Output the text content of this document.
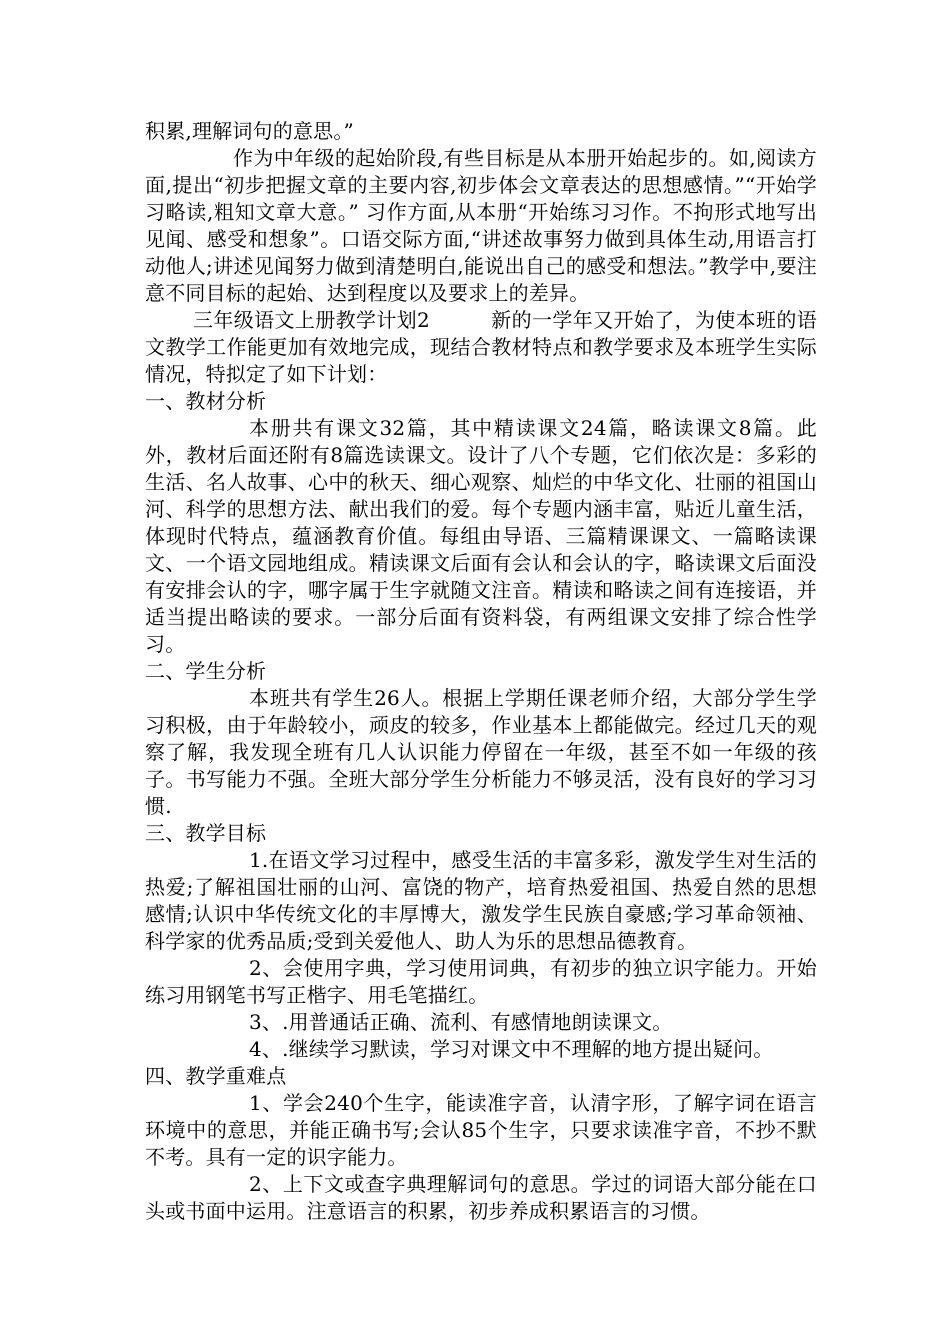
积累,理解词句的意思。”

作为中年级的起始阶段,有些目标是从本册开始起步的。如,阅读方面,提出“初步把握文章的主要内容,初步体会文章表达的思想感情。”“开始学习略读,粗知文章大意。” 习作方面,从本册“开始练习习作。不拘形式地写出见闻、感受和想象”。口语交际方面,“讲述故事努力做到具体生动,用语言打动他人;讲述见闻努力做到清楚明白,能说出自己的感受和想法。”教学中,要注意不同目标的起始、达到程度以及要求上的差异。

三年级语文上册教学计划2　　　新的一学年又开始了，为使本班的语文教学工作能更加有效地完成，现结合教材特点和教学要求及本班学生实际情况，特拟定了如下计划：

一、教材分析

本册共有课文32篇，其中精读课文24篇，略读课文8篇。此外，教材后面还附有8篇选读课文。设计了八个专题，它们依次是：多彩的生活、名人故事、心中的秋天、细心观察、灿烂的中华文化、壮丽的祖国山河、科学的思想方法、献出我们的爱。每个专题内涵丰富，贴近儿童生活，体现时代特点，蕴涵教育价值。每组由导语、三篇精课课文、一篇略读课文、一个语文园地组成。精读课文后面有会认和会认的字，略读课文后面没有安排会认的字，哪字属于生字就随文注音。精读和略读之间有连接语，并适当提出略读的要求。一部分后面有资料袋，有两组课文安排了综合性学习。

二、学生分析

本班共有学生26人。根据上学期任课老师介绍，大部分学生学习积极，由于年龄较小，顽皮的较多，作业基本上都能做完。经过几天的观察了解，我发现全班有几人认识能力停留在一年级，甚至不如一年级的孩子。书写能力不强。全班大部分学生分析能力不够灵活，没有良好的学习习惯.

三、教学目标

1.在语文学习过程中，感受生活的丰富多彩，激发学生对生活的热爱;了解祖国壮丽的山河、富饶的物产，培育热爱祖国、热爱自然的思想感情;认识中华传统文化的丰厚博大，激发学生民族自豪感;学习革命领袖、科学家的优秀品质;受到关爱他人、助人为乐的思想品德教育。

2、会使用字典，学习使用词典，有初步的独立识字能力。开始练习用钢笔书写正楷字、用毛笔描红。

3、.用普通话正确、流利、有感情地朗读课文。

4、.继续学习默读，学习对课文中不理解的地方提出疑问。

四、教学重难点

1、学会240个生字，能读准字音，认清字形，了解字词在语言环境中的意思，并能正确书写;会认85个生字，只要求读准字音，不抄不默不考。具有一定的识字能力。

2、上下文或查字典理解词句的意思。学过的词语大部分能在口头或书面中运用。注意语言的积累，初步养成积累语言的习惯。
